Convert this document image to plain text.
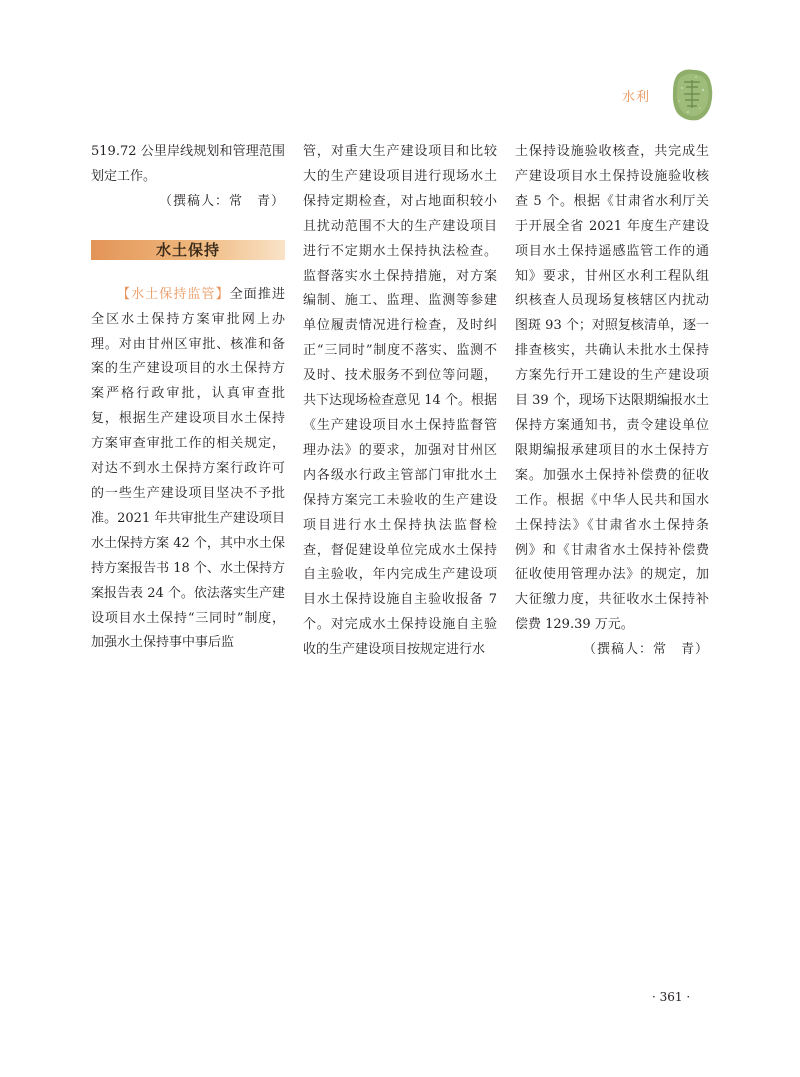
水利

519.72 公里岸线规划和管理范围划定工作。

（撰稿人：常　青）

水土保持

【水土保持监管】全面推进全区水土保持方案审批网上办理。对由甘州区审批、核准和备案的生产建设项目的水土保持方案严格行政审批，认真审查批复，根据生产建设项目水土保持方案审查审批工作的相关规定，对达不到水土保持方案行政许可的一些生产建设项目坚决不予批准。2021 年共审批生产建设项目水土保持方案 42 个，其中水土保持方案报告书 18 个、水土保持方案报告表 24 个。依法落实生产建设项目水土保持“三同时”制度，加强水土保持事中事后监

管，对重大生产建设项目和比较大的生产建设项目进行现场水土保持定期检查，对占地面积较小且扰动范围不大的生产建设项目进行不定期水土保持执法检查。监督落实水土保持措施，对方案编制、施工、监理、监测等参建单位履责情况进行检查，及时纠正“三同时”制度不落实、监测不及时、技术服务不到位等问题，共下达现场检查意见 14 个。根据《生产建设项目水土保持监督管理办法》的要求，加强对甘州区内各级水行政主管部门审批水土保持方案完工未验收的生产建设项目进行水土保持执法监督检查，督促建设单位完成水土保持自主验收，年内完成生产建设项目水土保持设施自主验收报备 7 个。对完成水土保持设施自主验收的生产建设项目按规定进行水

土保持设施验收核查，共完成生产建设项目水土保持设施验收核查 5 个。根据《甘肃省水利厅关于开展全省 2021 年度生产建设项目水土保持遥感监管工作的通知》要求，甘州区水利工程队组织核查人员现场复核辖区内扰动图斑 93 个；对照复核清单，逐一排查核实，共确认未批水土保持方案先行开工建设的生产建设项目 39 个，现场下达限期编报水土保持方案通知书，责令建设单位限期编报承建项目的水土保持方案。加强水土保持补偿费的征收工作。根据《中华人民共和国水土保持法》《甘肃省水土保持条例》和《甘肃省水土保持补偿费征收使用管理办法》的规定，加大征缴力度，共征收水土保持补偿费 129.39 万元。

（撰稿人：常　青）

· 361 ·
